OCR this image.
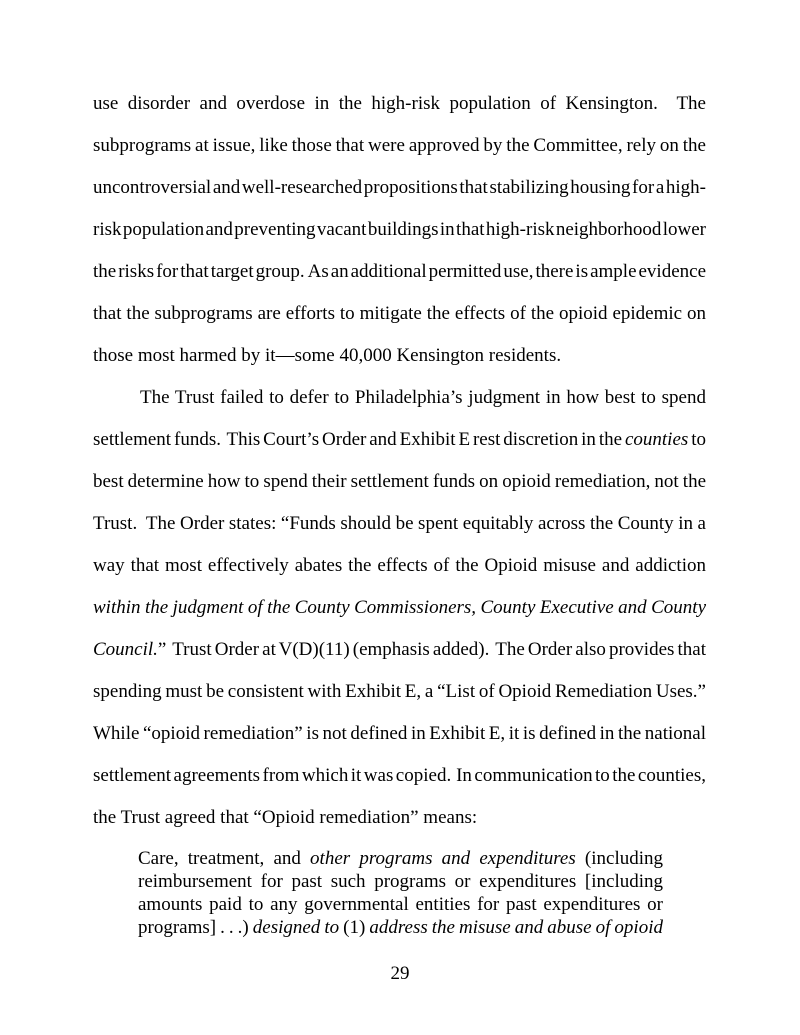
use disorder and overdose in the high-risk population of Kensington.  The
subprograms at issue, like those that were approved by the Committee, rely on the
uncontroversial and well-researched propositions that stabilizing housing for a high-
risk population and preventing vacant buildings in that high-risk neighborhood lower
the risks for that target group.  As an additional permitted use, there is ample evidence
that the subprograms are efforts to mitigate the effects of the opioid epidemic on
those most harmed by it—some 40,000 Kensington residents.
The Trust failed to defer to Philadelphia’s judgment in how best to spend
settlement funds.  This Court’s Order and Exhibit E rest discretion in the counties to
best determine how to spend their settlement funds on opioid remediation, not the
Trust.  The Order states: “Funds should be spent equitably across the County in a
way that most effectively abates the effects of the Opioid misuse and addiction
within the judgment of the County Commissioners, County Executive and County
Council.”  Trust Order at V(D)(11) (emphasis added).  The Order also provides that
spending must be consistent with Exhibit E, a “List of Opioid Remediation Uses.”
While “opioid remediation” is not defined in Exhibit E, it is defined in the national
settlement agreements from which it was copied.  In communication to the counties,
the Trust agreed that “Opioid remediation” means:
Care, treatment, and other programs and expenditures (including
reimbursement for past such programs or expenditures [including
amounts paid to any governmental entities for past expenditures or
programs] . . .) designed to (1) address the misuse and abuse of opioid
29
